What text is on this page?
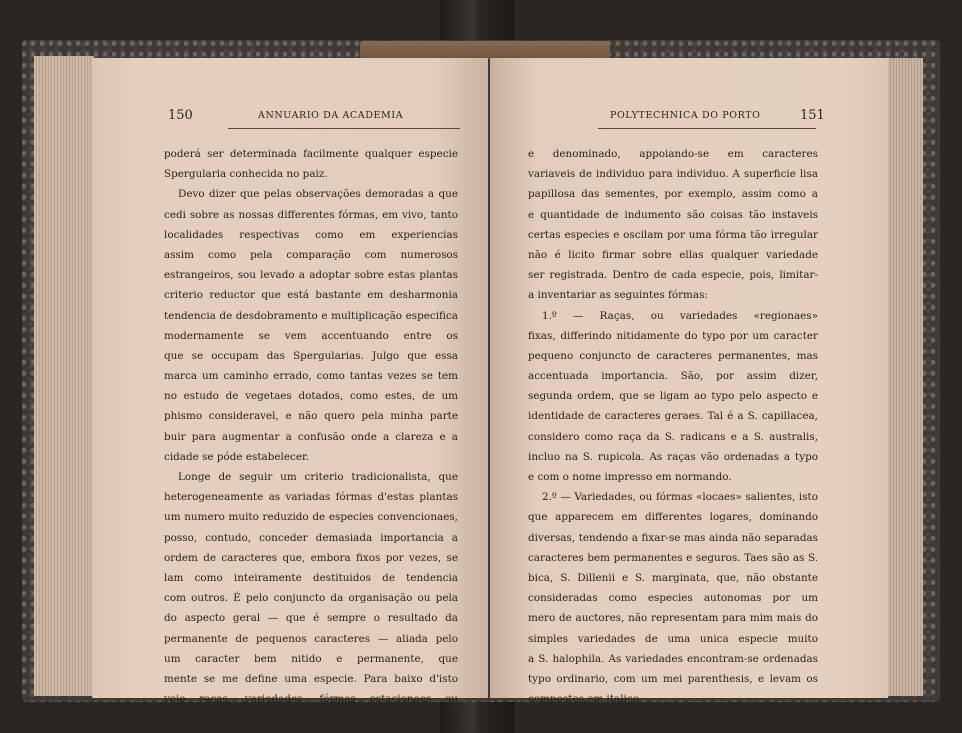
150	ANNUARIO DA ACADEMIA
poderá ser determinada facilmente qualquer especie
Spergularia conhecida no paiz.
Devo dizer que pelas observações demoradas a que
cedi sobre as nossas differentes fórmas, em vivo, tanto
localidades respectivas como em experiencias
assim como pela comparação com numerosos
estrangeiros, sou levado a adoptar sobre estas plantas
criterio reductor que está bastante em desharmonia
tendencia de desdobramento e multiplicação especifica
modernamente se vem accentuando entre os
que se occupam das Spergularias. Julgo que essa
marca um caminho errado, como tantas vezes se tem
no estudo de vegetaes dotados, como estes, de um
phismo consideravel, e não quero pela minha parte
buir para augmentar a confusão onde a clareza e a
cidade se póde estabelecer.
Longe de seguir um criterio tradicionalista, que
heterogeneamente as variadas fórmas d'estas plantas
um numero muito reduzido de especies convencionaes,
posso, contudo, conceder demasiada importancia a
ordem de caracteres que, embora fixos por vezes, se
lam como inteiramente destituidos de tendencia
com outros. É pelo conjuncto da organisação ou pela
do aspecto geral — que é sempre o resultado da
permanente de pequenos caracteres — aliada pelo
um caracter bem nitido e permanente, que
mente se me define uma especie. Para baixo d'isto
vejo raças, variedades, fórmas estacionaes ou
segundo o maior ou menor valor dos caracteres
POLYTECHNICA DO PORTO	151
e denominado, appoiando-se em caracteres
variaveis de individuo para individuo. A superficie lisa
papillosa das sementes, por exemplo, assim como a
e quantidade de indumento são coisas tão instaveis
certas especies e oscilam por uma fórma tão irregular
não é licito firmar sobre ellas qualquer variedade
ser registrada. Dentro de cada especie, pois, limitar-
a inventariar as seguintes fórmas:
1.º — Raças, ou variedades «regionaes»
fixas, differindo nitidamente do typo por um caracter
pequeno conjuncto de caracteres permanentes, mas
accentuada importancia. São, por assim dizer,
segunda ordem, que se ligam ao typo pelo aspecto e
identidade de caracteres geraes. Tal é a S. capillacea,
considero como raça da S. radicans e a S. australis,
incluo na S. rupicola. As raças vão ordenadas a typo
e com o nome impresso em normando.
2.º — Variedades, ou fórmas «locaes» salientes, isto
que apparecem em differentes logares, dominando
diversas, tendendo a fixar-se mas ainda não separadas
caracteres bem permanentes e seguros. Taes são as S.
bica, S. Dillenii e S. marginata, que, não obstante
consideradas como especies autonomas por um
mero de auctores, não representam para mim mais do
simples variedades de uma unica especie muito
a S. halophila. As variedades encontram-se ordenadas
typo ordinario, com um mei parenthesis, e levam os
compostos em italico.
3.º — Fórmas «estacionaes», isto é, fórmas mais ou
